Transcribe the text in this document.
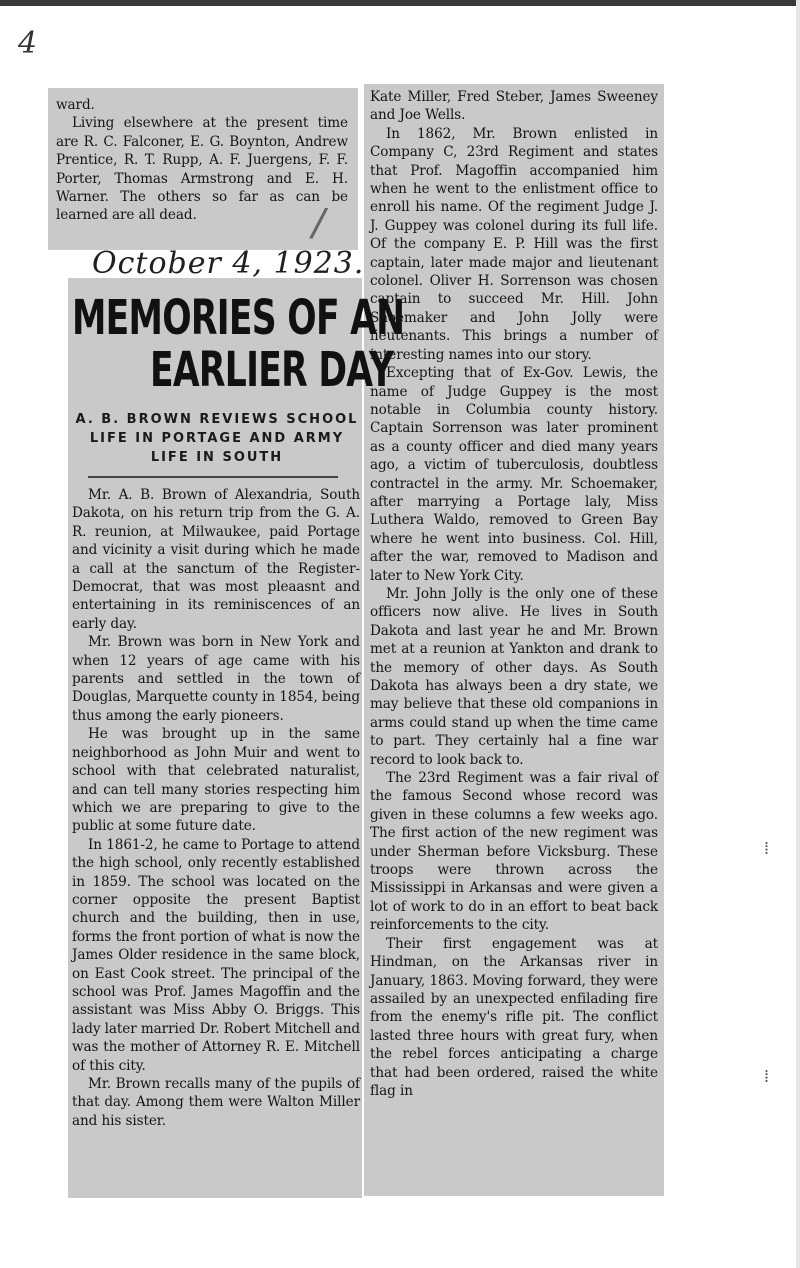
4

ward.

Living elsewhere at the present time are R. C. Falconer, E. G. Boynton, Andrew Prentice, R. T. Rupp, A. F. Juergens, F. F. Porter, Thomas Armstrong and E. H. Warner. The others so far as can be learned are all dead.	/
October 4, 1923.
MEMORIES OF AN
EARLIER DAY
A. B. BROWN REVIEWS SCHOOL LIFE IN PORTAGE AND ARMY LIFE IN SOUTH

Mr. A. B. Brown of Alexandria, South Dakota, on his return trip from the G. A. R. reunion, at Milwaukee, paid Portage and vicinity a visit during which he made a call at the sanctum of the Register-Democrat, that was most pleaasnt and entertaining in its reminiscences of an early day.

Mr. Brown was born in New York and when 12 years of age came with his parents and settled in the town of Douglas, Marquette county in 1854, being thus among the early pioneers.

He was brought up in the same neighborhood as John Muir and went to school with that celebrated naturalist, and can tell many stories respecting him which we are preparing to give to the public at some future date.

In 1861-2, he came to Portage to attend the high school, only recently established in 1859. The school was located on the corner opposite the present Baptist church and the building, then in use, forms the front portion of what is now the James Older residence in the same block, on East Cook street. The principal of the school was Prof. James Magoffin and the assistant was Miss Abby O. Briggs. This lady later married Dr. Robert Mitchell and was the mother of Attorney R. E. Mitchell of this city.

Mr. Brown recalls many of the pupils of that day. Among them were Walton Miller and his sister.

Kate Miller, Fred Steber, James Sweeney and Joe Wells.

In 1862, Mr. Brown enlisted in Company C, 23rd Regiment and states that Prof. Magoffin accompanied him when he went to the enlistment office to enroll his name. Of the regiment Judge J. J. Guppey was colonel during its full life. Of the company E. P. Hill was the first captain, later made major and lieutenant colonel. Oliver H. Sorrenson was chosen captain to succeed Mr. Hill. John Shoemaker and John Jolly were lieutenants. This brings a number of interesting names into our story.

Excepting that of Ex-Gov. Lewis, the name of Judge Guppey is the most notable in Columbia county history. Captain Sorrenson was later prominent as a county officer and died many years ago, a victim of tuberculosis, doubtless contractel in the army. Mr. Schoemaker, after marrying a Portage laly, Miss Luthera Waldo, removed to Green Bay where he went into business. Col. Hill, after the war, removed to Madison and later to New York City.

Mr. John Jolly is the only one of these officers now alive. He lives in South Dakota and last year he and Mr. Brown met at a reunion at Yankton and drank to the memory of other days. As South Dakota has always been a dry state, we may believe that these old companions in arms could stand up when the time came to part. They certainly hal a fine war record to look back to.

The 23rd Regiment was a fair rival of the famous Second whose record was given in these columns a few weeks ago. The first action of the new regiment was under Sherman before Vicksburg. These troops were thrown across the Mississippi in Arkansas and were given a lot of work to do in an effort to beat back reinforcements to the city.

Their first engagement was at Hindman, on the Arkansas river in January, 1863. Moving forward, they were assailed by an unexpected enfilading fire from the enemy's rifle pit. The conflict lasted three hours with great fury, when the rebel forces anticipating a charge that had been ordered, raised the white flag in

⁞
⁞
